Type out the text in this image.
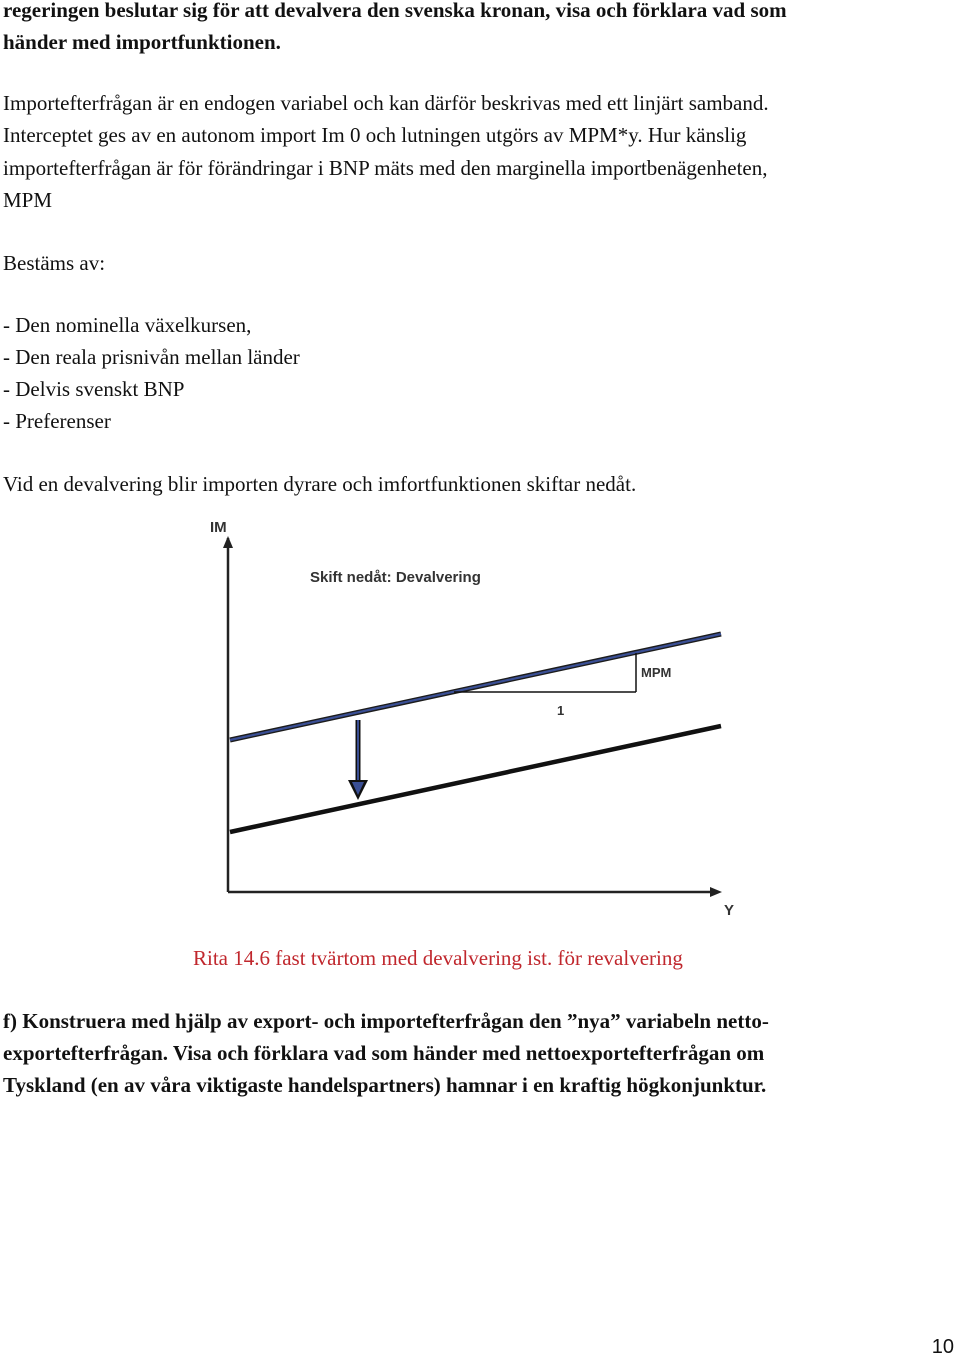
regeringen beslutar sig för att devalvera den svenska kronan, visa och förklara vad som
händer med importfunktionen.
Importefterfrågan är en endogen variabel och kan därför beskrivas med ett linjärt samband.
Interceptet ges av en autonom import Im 0 och lutningen utgörs av MPM*y. Hur känslig
importefterfrågan är för förändringar i BNP mäts med den marginella importbenägenheten,
MPM
Bestäms av:
- Den nominella växelkursen,
- Den reala prisnivån mellan länder
- Delvis svenskt BNP
- Preferenser
Vid en devalvering blir importen dyrare och imfortfunktionen skiftar nedåt.
IM
Y
Skift nedåt: Devalvering
MPM
1
Rita 14.6 fast tvärtom med devalvering ist. för revalvering
f) Konstruera med hjälp av export- och importefterfrågan den ”nya” variabeln netto-
exportefterfrågan. Visa och förklara vad som händer med nettoexportefterfrågan om
Tyskland (en av våra viktigaste handelspartners) hamnar i en kraftig högkonjunktur.
10
